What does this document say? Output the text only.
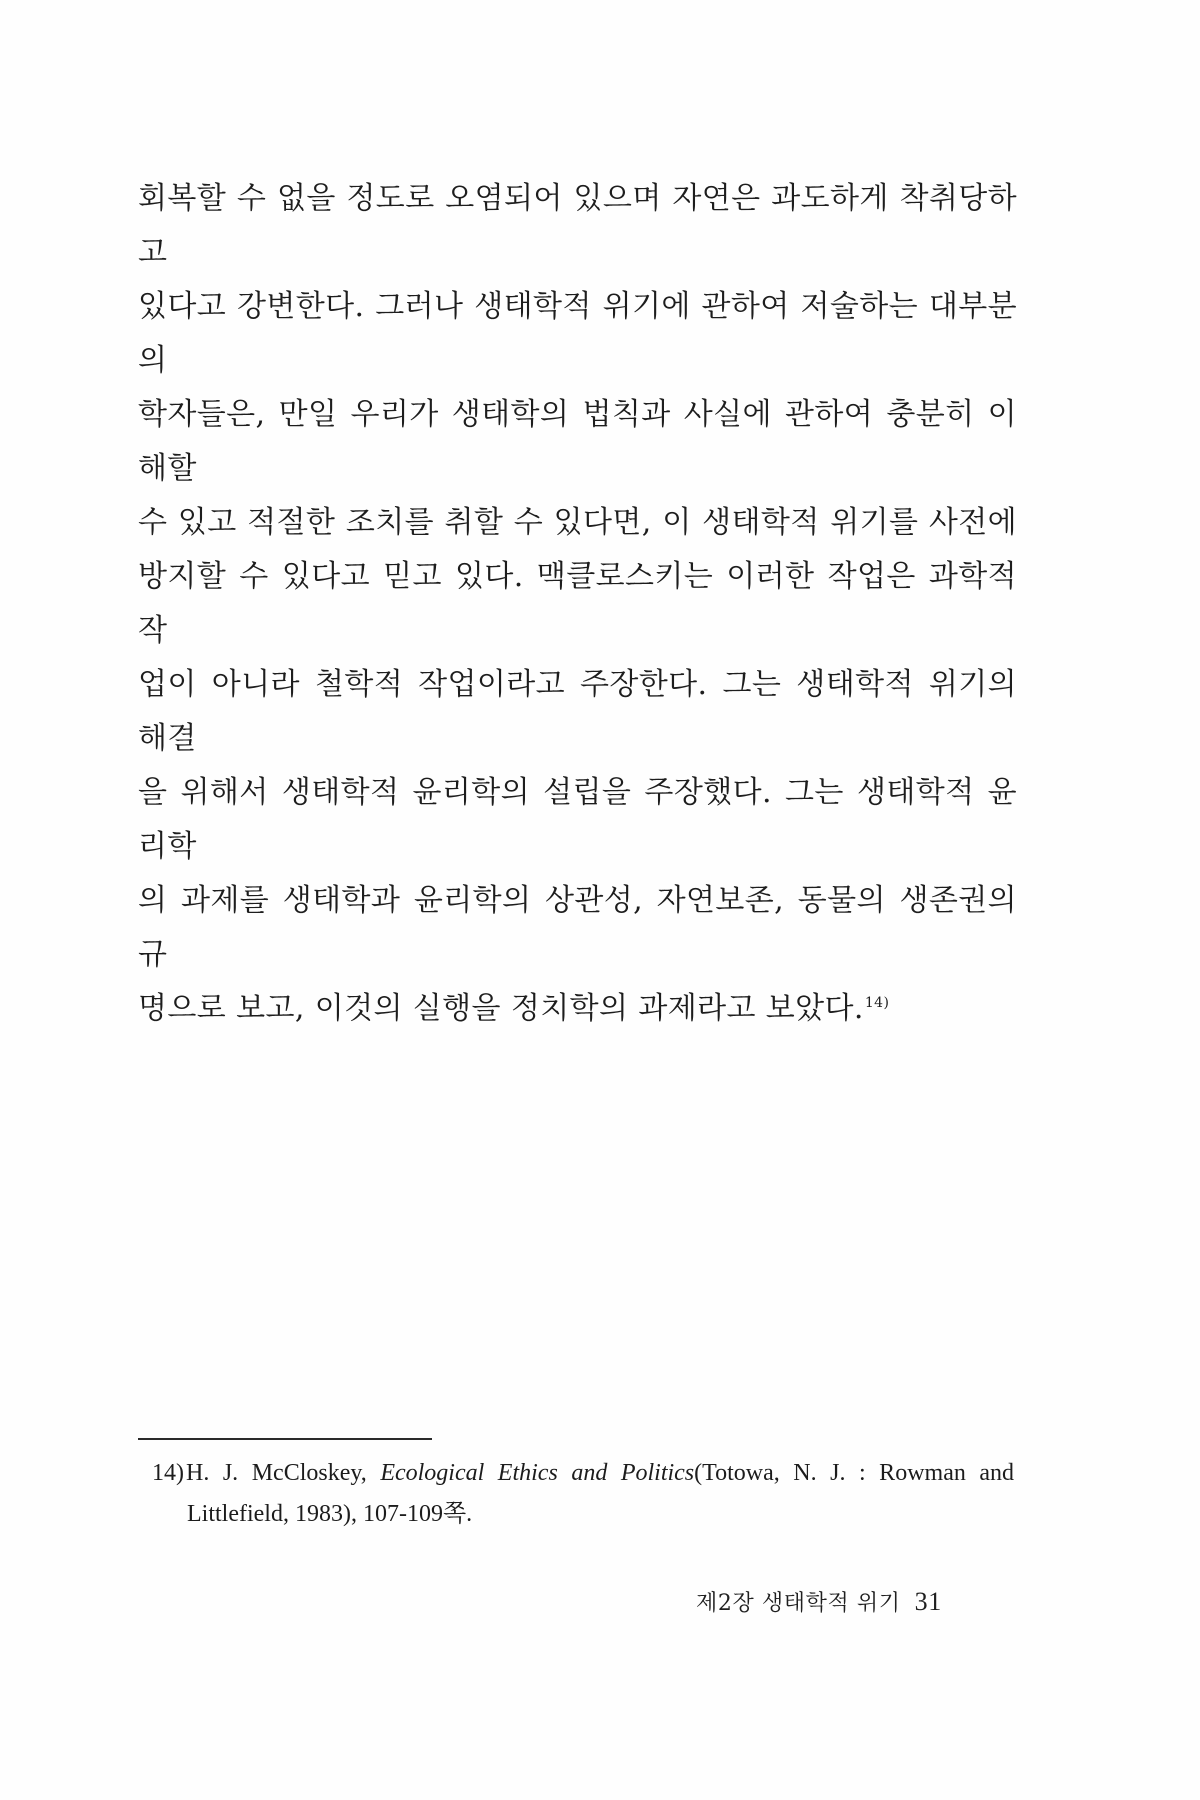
회복할 수 없을 정도로 오염되어 있으며 자연은 과도하게 착취당하고
있다고 강변한다. 그러나 생태학적 위기에 관하여 저술하는 대부분의
학자들은, 만일 우리가 생태학의 법칙과 사실에 관하여 충분히 이해할
수 있고 적절한 조치를 취할 수 있다면, 이 생태학적 위기를 사전에
방지할 수 있다고 믿고 있다. 맥클로스키는 이러한 작업은 과학적 작
업이 아니라 철학적 작업이라고 주장한다. 그는 생태학적 위기의 해결
을 위해서 생태학적 윤리학의 설립을 주장했다. 그는 생태학적 윤리학
의 과제를 생태학과 윤리학의 상관성, 자연보존, 동물의 생존권의 규
명으로 보고, 이것의 실행을 정치학의 과제라고 보았다.$^{14)}$
14)H. J. McCloskey, Ecological Ethics and Politics(Totowa, N. J. : Rowman and
Littlefield, 1983), 107-109쪽.
제2장 생태학적 위기 31
